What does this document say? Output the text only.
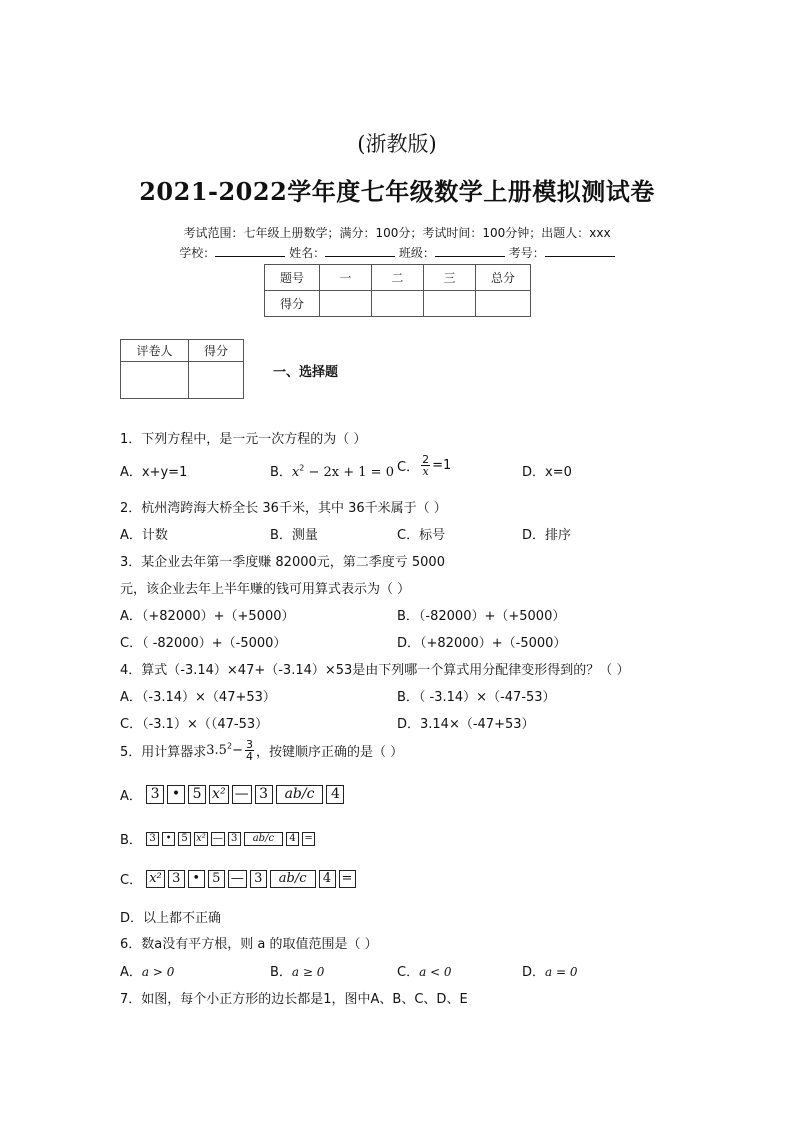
(浙教版)
2021-2022学年度七年级数学上册模拟测试卷
考试范围：七年级上册数学；满分：100分；考试时间：100分钟；出题人：xxx
学校：	姓名：	班级：	考号：
题号	一	二	三	总分
得分				
评卷人	得分

一、选择题
1．下列方程中，是一元一次方程的为（ ）
A．x+y=1	B．$x^2 - 2x + 1 = 0$ C． $\frac{2}{x} =1$	D．x=0
2．杭州湾跨海大桥全长 36千米，其中 36千米属于（ ）
A．计数	B．测量	C．标号	D．排序
3．某企业去年第一季度赚 82000元，第二季度亏 5000
元，该企业去年上半年赚的钱可用算式表示为（ ）
A．（+82000）+（+5000）	B．（-82000）+（+5000）
C．（ -82000）+（-5000）	D．（+82000）+（-5000）
4．算式（-3.14）×47+（-3.14）×53是由下列哪一个算式用分配律变形得到的？（ ）
A．（-3.14）×（47+53）	B．（ -3.14）×（-47-53）
C．（-3.1）×（（47-53）	D．3.14×（-47+53）
5．用计算器求$3.5^2- \frac{3}{4}$ ，按键顺序正确的是（ ）
A． 3 • 5 x² — 3	ab/c	4
B． 3 • 5 x² — 3	ab/c	4 =
C． x² 3 • 5 — 3	ab/c	4 =
D．以上都不正确
6．数a没有平方根，则 a 的取值范围是（ ）
A．a > 0	B．a ≥ 0	C．a < 0	D．a = 0
7．如图，每个小正方形的边长都是1，图中A、B、C、D、E
